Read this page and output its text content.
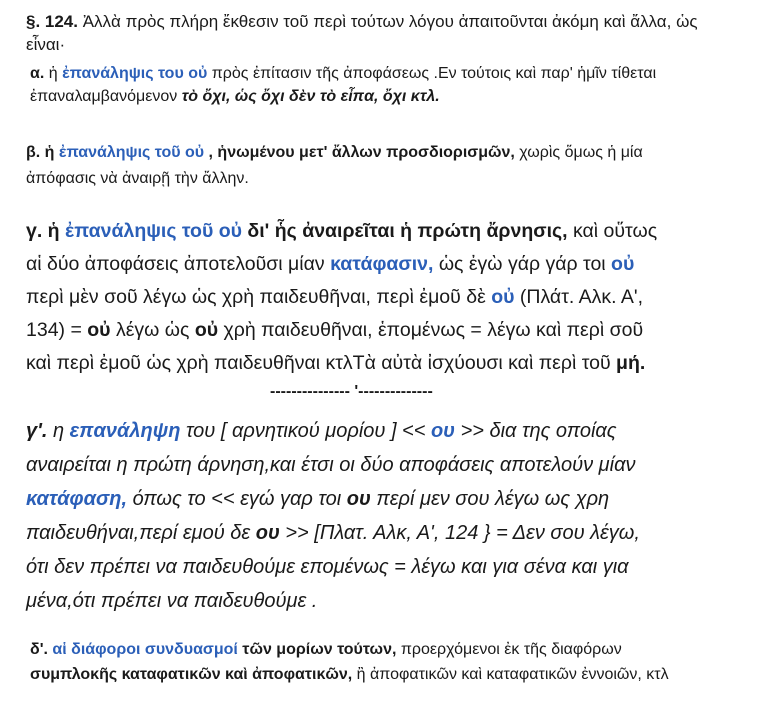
§. 124. Ἀλλὰ πρὸς πλήρη ἔκθεσιν τοῦ περὶ τούτων λόγου ἀπαιτοῦνται ἀκόμη καὶ ἄλλα, ὡς
εἶναι·

α. ἡ ἐπανάληψις του οὐ πρὸς ἐπίτασιν τῆς ἀποφάσεως .Εν τούτοις καὶ παρ' ἡμῖν τίθεται
ἐπαναλαμβανόμενον τὸ ὄχι, ὡς ὄχι δὲν τὸ εἶπα, ὄχι κτλ.

β. ἡ ἐπανάληψις τοῦ οὐ , ἡνωμένου μετ' ἄλλων προσδιορισμῶν, χωρὶς ὅμως ἡ μία
ἀπόφασις νὰ ἀναιρῇ τὴν ἄλλην.

γ. ἡ ἐπανάληψις τοῦ οὐ δι' ἧς ἀναιρεῖται ἡ πρώτη ἄρνησις, καὶ οὕτως
αἱ δύο ἀποφάσεις ἀποτελοῦσι μίαν κατάφασιν, ὡς ἐγὼ γάρ γάρ τοι οὐ
περὶ μὲν σοῦ λέγω ὡς χρὴ παιδευθῆναι, περὶ ἐμοῦ δὲ οὐ (Πλάτ. Αλκ. Α',
134) = οὐ λέγω ὡς οὐ χρὴ παιδευθῆναι, ἑπομένως = λέγω καὶ περὶ σοῦ
καὶ περὶ ἐμοῦ ὡς χρὴ παιδευθῆναι κτλΤὰ αὐτὰ ἰσχύουσι καὶ περὶ τοῦ μή.

--------------- '--------------

γ'. η επανάληψη του [ αρνητικού μορίου ] << ου >> δια της οποίας
αναιρείται η πρώτη άρνηση,και έτσι οι δύο αποφάσεις αποτελούν μίαν
κατάφαση, όπως το << εγώ γαρ τοι ου περί μεν σου λέγω ως χρη
παιδευθήναι,περί εμού δε ου >> [Πλατ. Αλκ, Α', 124 } = Δεν σου λέγω,
ότι δεν πρέπει να παιδευθούμε επομένως = λέγω και για σένα και για
μένα,ότι πρέπει να παιδευθούμε .

δ'. αἱ διάφοροι συνδυασμοί τῶν μορίων τούτων, προερχόμενοι ἐκ τῆς διαφόρων
συμπλοκῆς καταφατικῶν καὶ ἀποφατικῶν, ἢ ἀποφατικῶν καὶ καταφατικῶν ἐννοιῶν, κτλ
